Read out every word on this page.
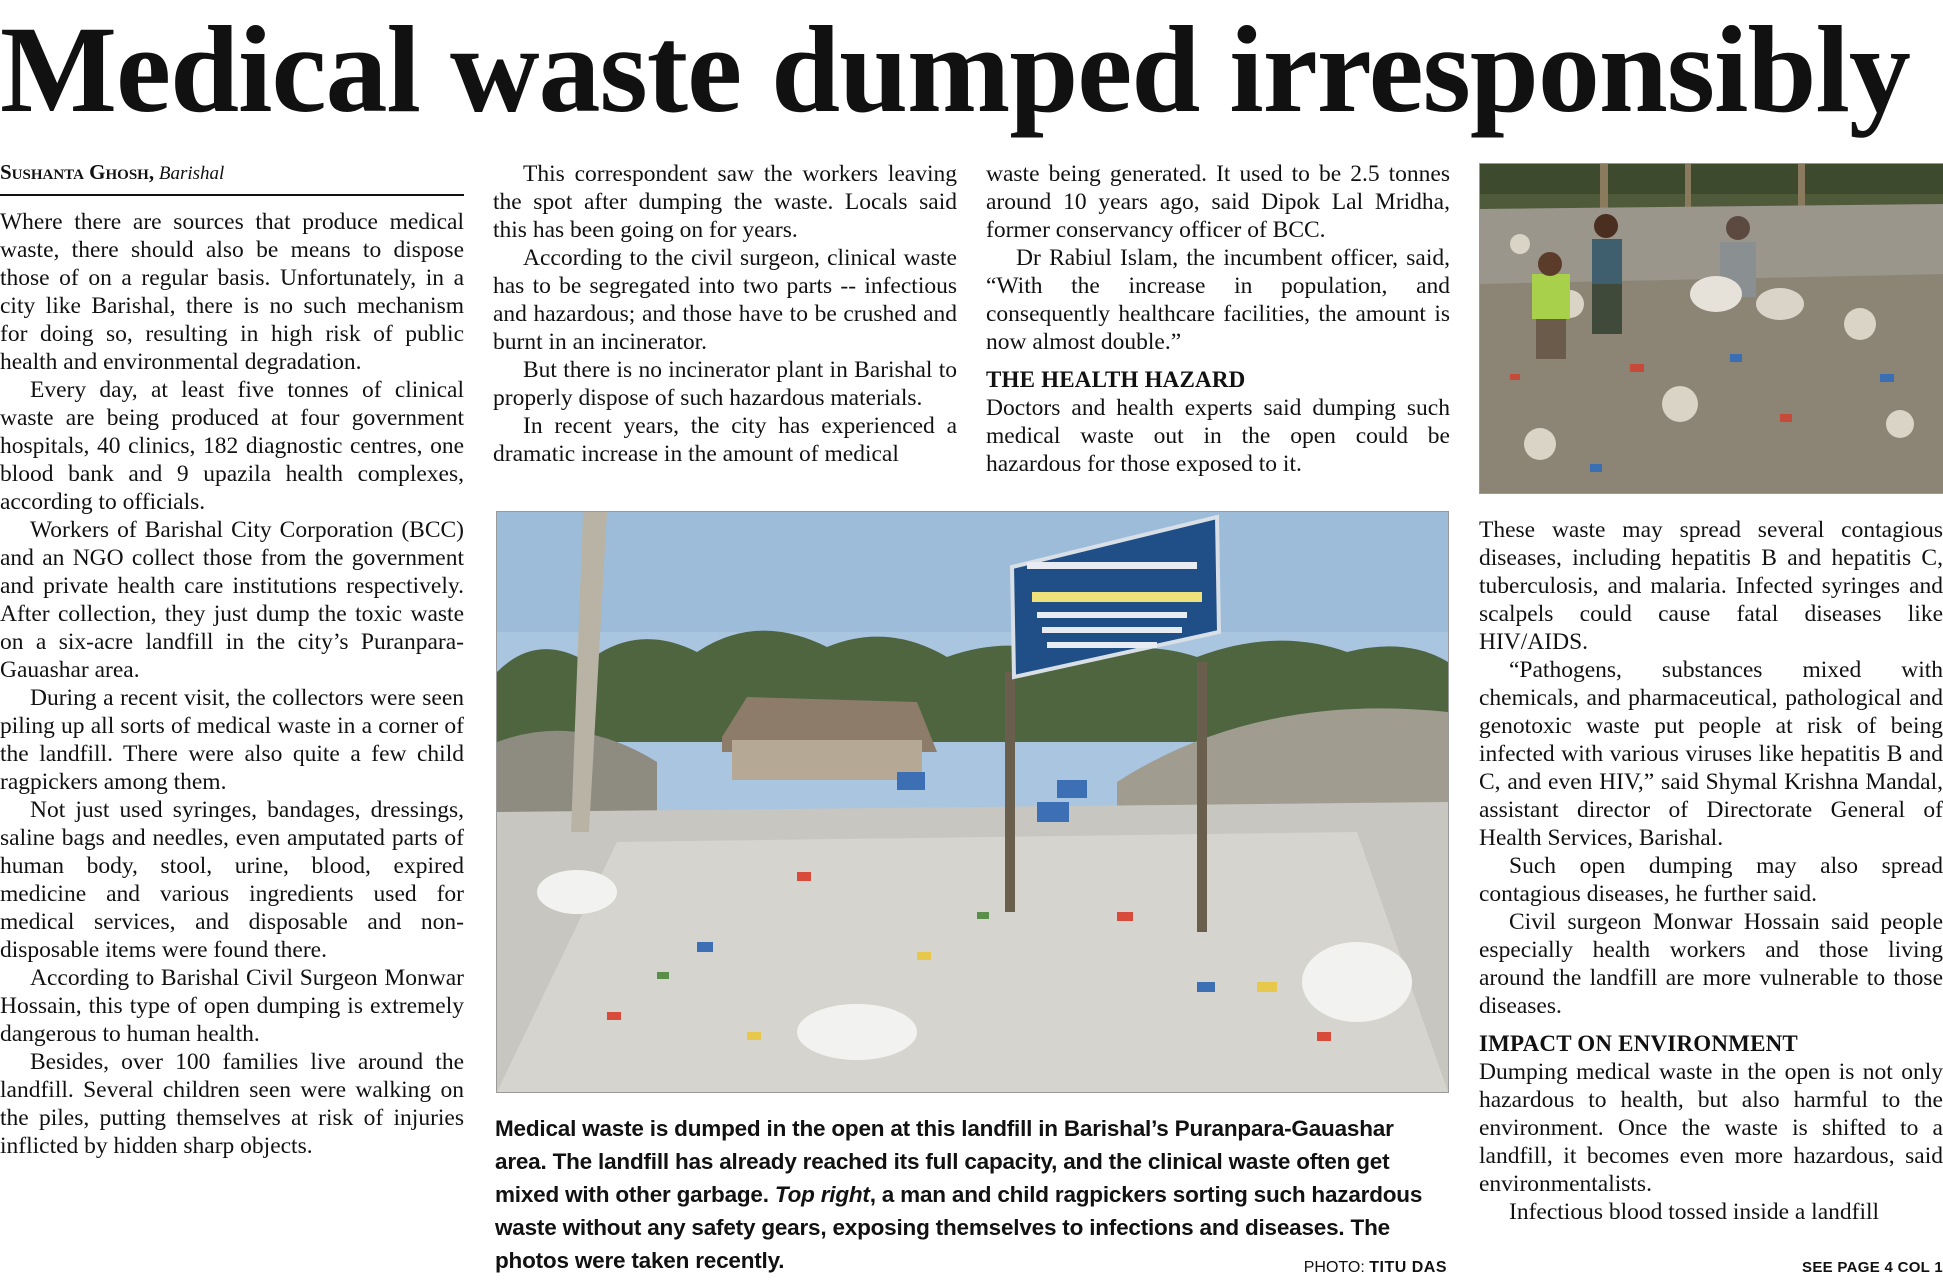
Medical waste dumped irresponsibly
Sushanta Ghosh, Barishal

Where there are sources that produce medical waste, there should also be means to dispose those of on a regular basis. Unfortunately, in a city like Barishal, there is no such mechanism for doing so, resulting in high risk of public health and environmental degradation.

Every day, at least five tonnes of clinical waste are being produced at four government hospitals, 40 clinics, 182 diagnostic centres, one blood bank and 9 upazila health complexes, according to officials.

Workers of Barishal City Corporation (BCC) and an NGO collect those from the government and private health care institutions respectively. After collection, they just dump the toxic waste on a six-acre landfill in the city’s Puranpara-Gauashar area.

During a recent visit, the collectors were seen piling up all sorts of medical waste in a corner of the landfill. There were also quite a few child ragpickers among them.

Not just used syringes, bandages, dressings, saline bags and needles, even amputated parts of human body, stool, urine, blood, expired medicine and various ingredients used for medical services, and disposable and non-disposable items were found there.

According to Barishal Civil Surgeon Monwar Hossain, this type of open dumping is extremely dangerous to human health.

Besides, over 100 families live around the landfill. Several children seen were walking on the piles, putting themselves at risk of injuries inflicted by hidden sharp objects.

This correspondent saw the workers leaving the spot after dumping the waste. Locals said this has been going on for years.

According to the civil surgeon, clinical waste has to be segregated into two parts -- infectious and hazardous; and those have to be crushed and burnt in an incinerator.

But there is no incinerator plant in Barishal to properly dispose of such hazardous materials.

In recent years, the city has experienced a dramatic increase in the amount of medical

waste being generated. It used to be 2.5 tonnes around 10 years ago, said Dipok Lal Mridha, former conservancy officer of BCC.

Dr Rabiul Islam, the incumbent officer, said, “With the increase in population, and consequently healthcare facilities, the amount is now almost double.”

THE HEALTH HAZARD

Doctors and health experts said dumping such medical waste out in the open could be hazardous for those exposed to it.

Medical waste is dumped in the open at this landfill in Barishal’s Puranpara-Gauashar area. The landfill has already reached its full capacity, and the clinical waste often get mixed with other garbage. Top right, a man and child ragpickers sorting such hazardous waste without any safety gears, exposing themselves to infections and diseases. The photos were taken recently.	PHOTO: TITU DAS

These waste may spread several contagious diseases, including hepatitis B and hepatitis C, tuberculosis, and malaria. Infected syringes and scalpels could cause fatal diseases like HIV/AIDS.

“Pathogens, substances mixed with chemicals, and pharmaceutical, pathological and genotoxic waste put people at risk of being infected with various viruses like hepatitis B and C, and even HIV,” said Shymal Krishna Mandal, assistant director of Directorate General of Health Services, Barishal.

Such open dumping may also spread contagious diseases, he further said.

Civil surgeon Monwar Hossain said people especially health workers and those living around the landfill are more vulnerable to those diseases.

IMPACT ON ENVIRONMENT

Dumping medical waste in the open is not only hazardous to health, but also harmful to the environment. Once the waste is shifted to a landfill, it becomes even more hazardous, said environmentalists.

Infectious blood tossed inside a landfill

SEE PAGE 4 COL 1
